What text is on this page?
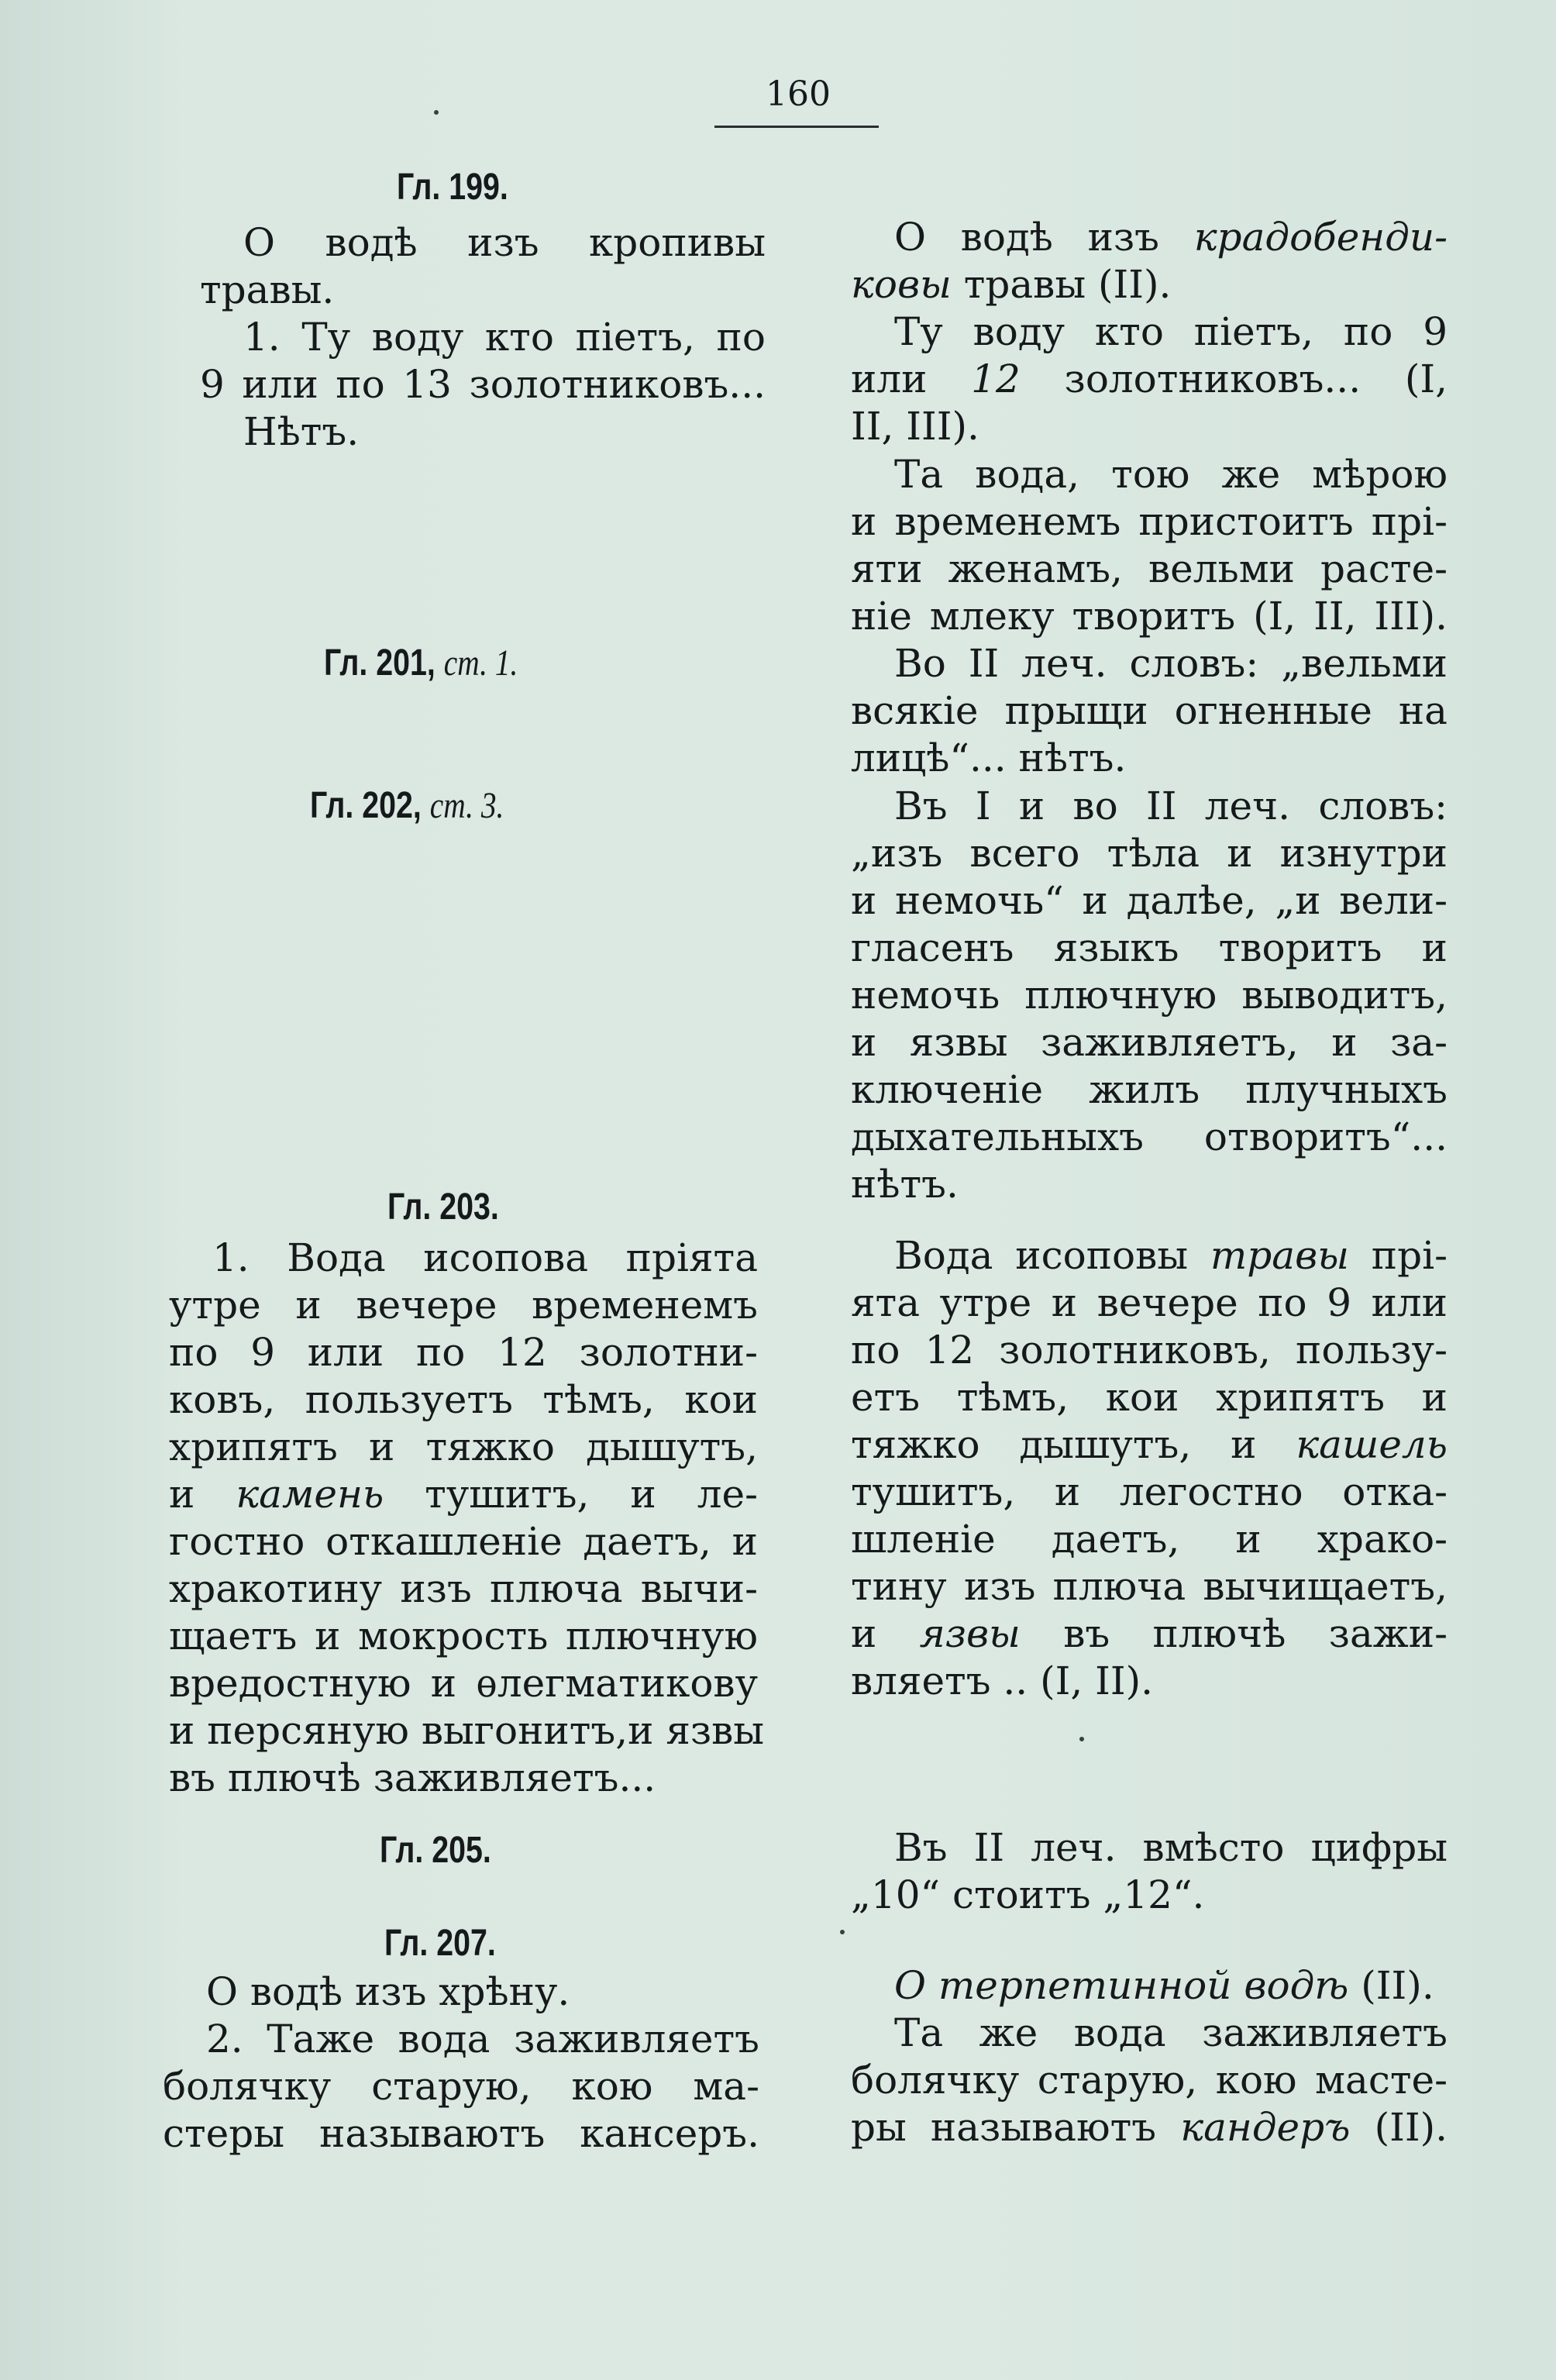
160
Гл. 199.
О водѣ изъ кропивы
травы.
1. Ту воду кто пiетъ, по
9 или по 13 золотниковъ...
Нѣтъ.
Гл. 201, ст. 1.
Гл. 202, ст. 3.
Гл. 203.
1. Вода исопова прiята
утре и вечере временемъ
по 9 или по 12 золотни-
ковъ, пользуетъ тѣмъ, кои
хрипятъ и тяжко дышутъ,
и камень тушитъ, и ле-
гостно откашленiе даетъ, и
хракотину изъ плюча вычи-
щаетъ и мокрость плючную
вредостную и ѳлегматикову
и персяную выгонитъ,и язвы
въ плючѣ заживляетъ...
Гл. 205.
Гл. 207.
О водѣ изъ хрѣну.
2. Таже вода заживляетъ
болячку старую, кою ма-
стеры называютъ кансеръ.
О водѣ изъ крадобенди-
ковы травы (II).
Ту воду кто пiетъ, по 9
или 12 золотниковъ... (I,
II, III).
Та вода, тою же мѣрою
и временемъ пристоитъ прi-
яти женамъ, вельми расте-
нiе млеку творитъ (I, II, III).
Во II леч. словъ: „вельми
всякiе прыщи огненные на
лицѣ“... нѣтъ.
Въ I и во II леч. словъ:
„изъ всего тѣла и изнутри
и немочь“ и далѣе, „и вели-
гласенъ языкъ творитъ и
немочь плючную выводитъ,
и язвы заживляетъ, и за-
ключенiе жилъ плучныхъ
дыхательныхъ отворитъ“...
нѣтъ.
Вода исоповы травы прi-
ята утре и вечере по 9 или
по 12 золотниковъ, пользу-
етъ тѣмъ, кои хрипятъ и
тяжко дышутъ, и кашель
тушитъ, и легостно отка-
шленiе даетъ, и храко-
тину изъ плюча вычищаетъ,
и язвы въ плючѣ зажи-
вляетъ .. (I, II).
Въ II леч. вмѣсто цифры
„10“ стоитъ „12“.
О терпетинной водѣ (II).
Та же вода заживляетъ
болячку старую, кою масте-
ры называютъ кандеръ (II).
